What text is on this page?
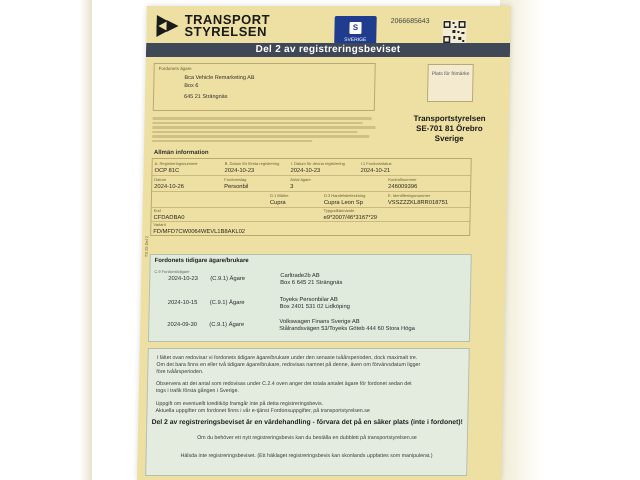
TRANSPORT
STYRELSEN	S
SVERIGE
2066685643
Del 2 av registreringsbeviset
Fordonets ägare
Bca Vehicle Remarketing AB
Box 6
645 21 Strängnäs
Plats för frimärke
Transportstyrelsen
SE-701 81 Örebro
Sverige
Allmän information
A. Registreringsnummer
OCP 81C
B. Datum för första registrering
2024-10-23
I. Datum för denna registrering
2024-10-23
I.1 Fordonsstatus
2024-10-21
Datum
2024-10-26
Fordonsslag
Personbil
Antal ägare
3
Kontrollnummer
246009396
D.1 Märke
Cupra
D.3 Handelsbeteckning
Cupra Leon Sp
E. Identifieringsnummer
VSSZZZKL8RR018751
Kod
CFDADBA0
Typgodkännande
e9*2007/46*3167*29
Variant
FD/MFD7CW0064WEVL1B8AKL02
Fordonets tidigare ägare/brukare
C.9 Fordonstidigare
2024-10-23 (C.9.1) Ägare	Carltrade2b AB
Box 6 645 21 Strängnäs
2024-10-15 (C.9.1) Ägare	Toyeks Personbilar AB
Box 2401 531 02 Lidköping
2024-09-30 (C.9.1) Ägare	Volkswagen Finans Sverige AB
Stålrandsvägen 53/Toyeks Göteb 444 60 Stora Höga
I fältet ovan redovisar vi fordonets tidigare ägare/brukare under den senaste tvåårsperioden, dock maximalt tre.
Om det bara finns en eller två tidigare ägare/brukare, redovisas namnet på denne, även om förvärvsdatum ligger
före tvåårsperioden.
Observera att det antal som redovisas under C.2.4 oven anger det totala antalet ägare för fordonet sedan det
togs i trafik första gången i Sverige.
Uppgift om eventuellt kreditköp framgår inte på detta registreringsbevis.
Aktuella uppgifter om fordonet finns i vår e-tjänst Fordonsuppgifter, på transportstyrelsen.se
Del 2 av registreringsbeviset är en värdehandling - förvara det på en säker plats (inte i fordonet)!
Om du behöver ett nytt registreringsbevis kan du beställa en dubblett på transportstyrelsen.se
Hälsda inte registreringsbeviset. (Ett häklaget registreringsbevis kan skonlands uppfattes som manipulerat.)
TS 25 Del 2
